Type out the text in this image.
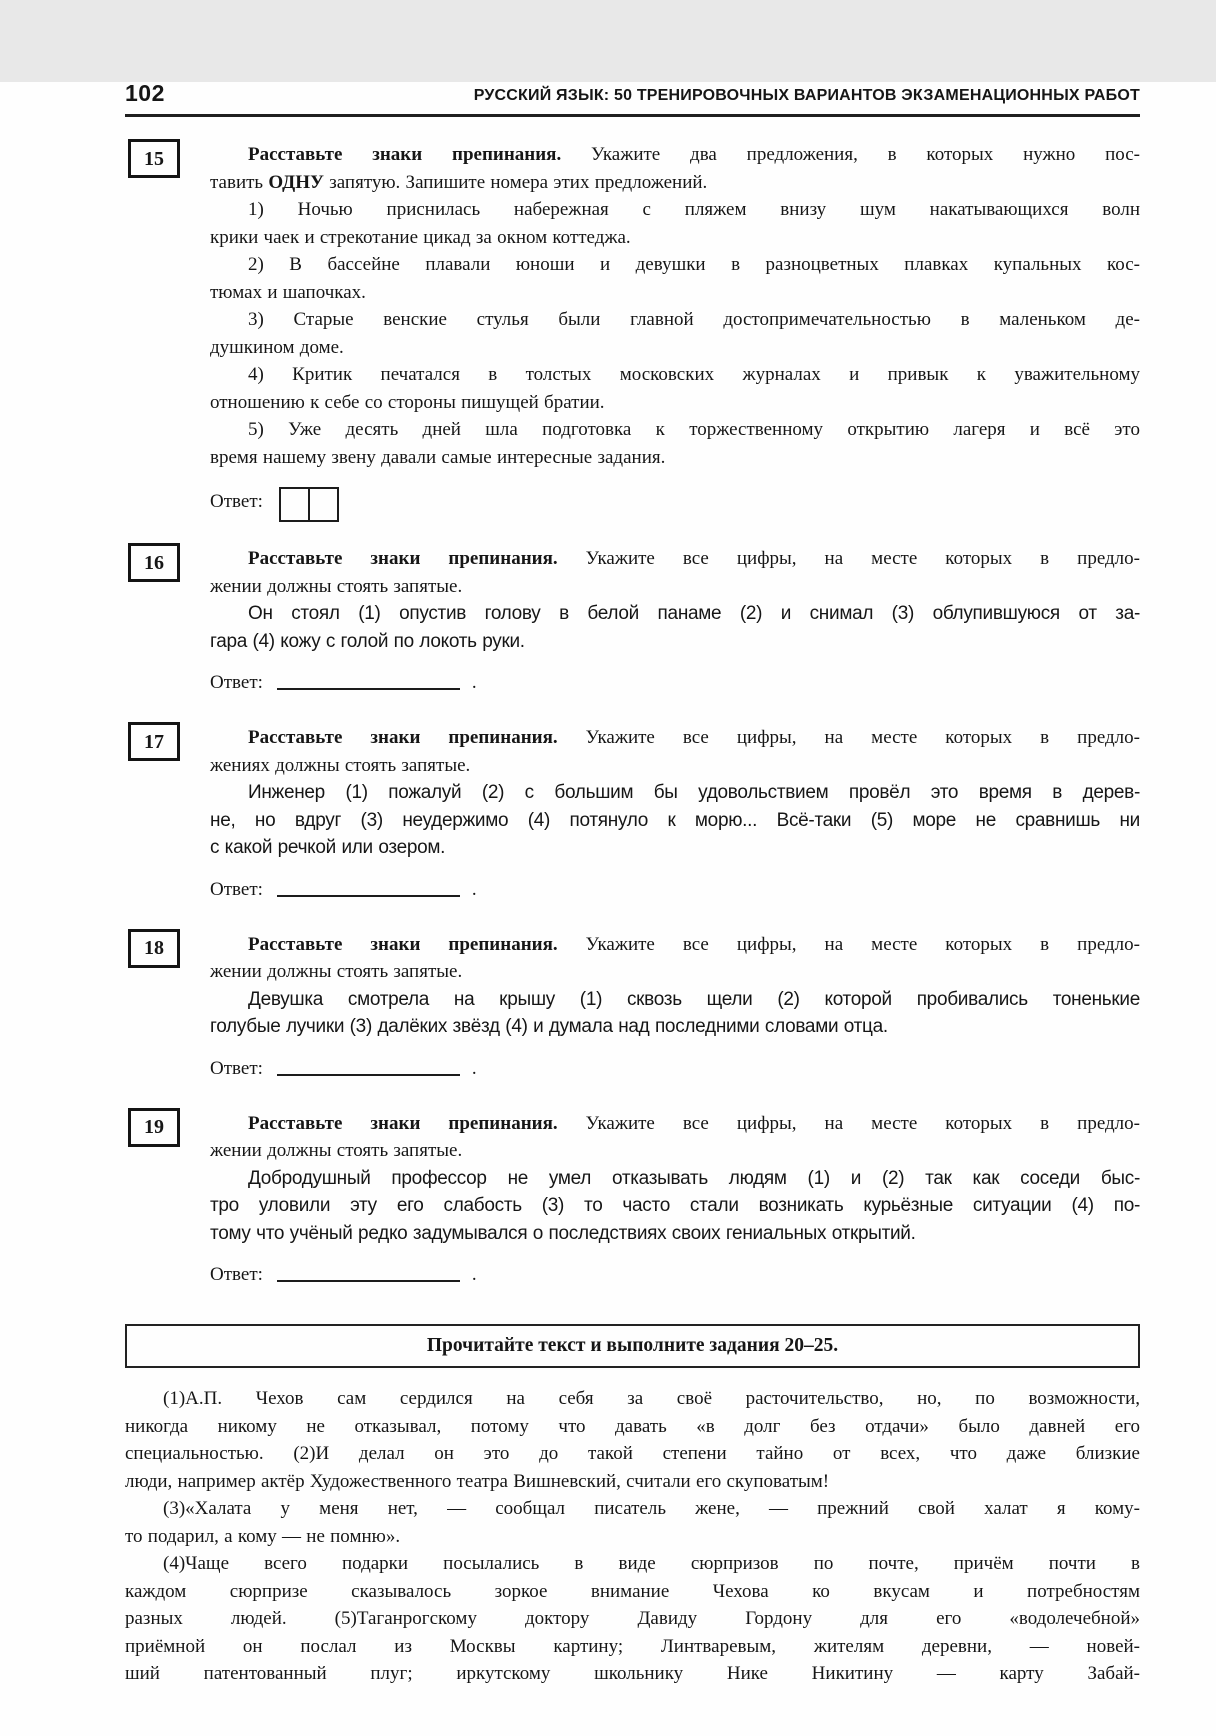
102	РУССКИЙ ЯЗЫК: 50 ТРЕНИРОВОЧНЫХ ВАРИАНТОВ ЭКЗАМЕНАЦИОННЫХ РАБОТ
15	Расставьте знаки препинания. Укажите два предложения, в которых нужно пос-
тавить ОДНУ запятую. Запишите номера этих предложений.
1) Ночью приснилась набережная с пляжем внизу шум накатывающихся волн
крики чаек и стрекотание цикад за окном коттеджа.
2) В бассейне плавали юноши и девушки в разноцветных плавках купальных кос-
тюмах и шапочках.
3) Старые венские стулья были главной достопримечательностью в маленьком де-
душкином доме.
4) Критик печатался в толстых московских журналах и привык к уважительному
отношению к себе со стороны пишущей братии.
5) Уже десять дней шла подготовка к торжественному открытию лагеря и всё это
время нашему звену давали самые интересные задания.
Ответ:
16	Расставьте знаки препинания. Укажите все цифры, на месте которых в предло-
жении должны стоять запятые.
Он стоял (1) опустив голову в белой панаме (2) и снимал (3) облупившуюся от за-
гара (4) кожу с голой по локоть руки.
Ответ:	.
17	Расставьте знаки препинания. Укажите все цифры, на месте которых в предло-
жениях должны стоять запятые.
Инженер (1) пожалуй (2) с большим бы удовольствием провёл это время в дерев-
не, но вдруг (3) неудержимо (4) потянуло к морю... Всё-таки (5) море не сравнишь ни
с какой речкой или озером.
Ответ:	.
18	Расставьте знаки препинания. Укажите все цифры, на месте которых в предло-
жении должны стоять запятые.
Девушка смотрела на крышу (1) сквозь щели (2) которой пробивались тоненькие
голубые лучики (3) далёких звёзд (4) и думала над последними словами отца.
Ответ:	.
19	Расставьте знаки препинания. Укажите все цифры, на месте которых в предло-
жении должны стоять запятые.
Добродушный профессор не умел отказывать людям (1) и (2) так как соседи быс-
тро уловили эту его слабость (3) то часто стали возникать курьёзные ситуации (4) по-
тому что учёный редко задумывался о последствиях своих гениальных открытий.
Ответ:	.
Прочитайте текст и выполните задания 20–25.
(1)А.П. Чехов сам сердился на себя за своё расточительство, но, по возможности,
никогда никому не отказывал, потому что давать «в долг без отдачи» было давней его
специальностью. (2)И делал он это до такой степени тайно от всех, что даже близкие
люди, например актёр Художественного театра Вишневский, считали его скуповатым!
(3)«Халата у меня нет, — сообщал писатель жене, — прежний свой халат я кому-
то подарил, а кому — не помню».
(4)Чаще всего подарки посылались в виде сюрпризов по почте, причём почти в
каждом сюрпризе сказывалось зоркое внимание Чехова ко вкусам и потребностям
разных людей. (5)Таганрогскому доктору Давиду Гордону для его «водолечебной»
приёмной он послал из Москвы картину; Линтваревым, жителям деревни, — новей-
ший патентованный плуг; иркутскому школьнику Нике Никитину — карту Забай-
